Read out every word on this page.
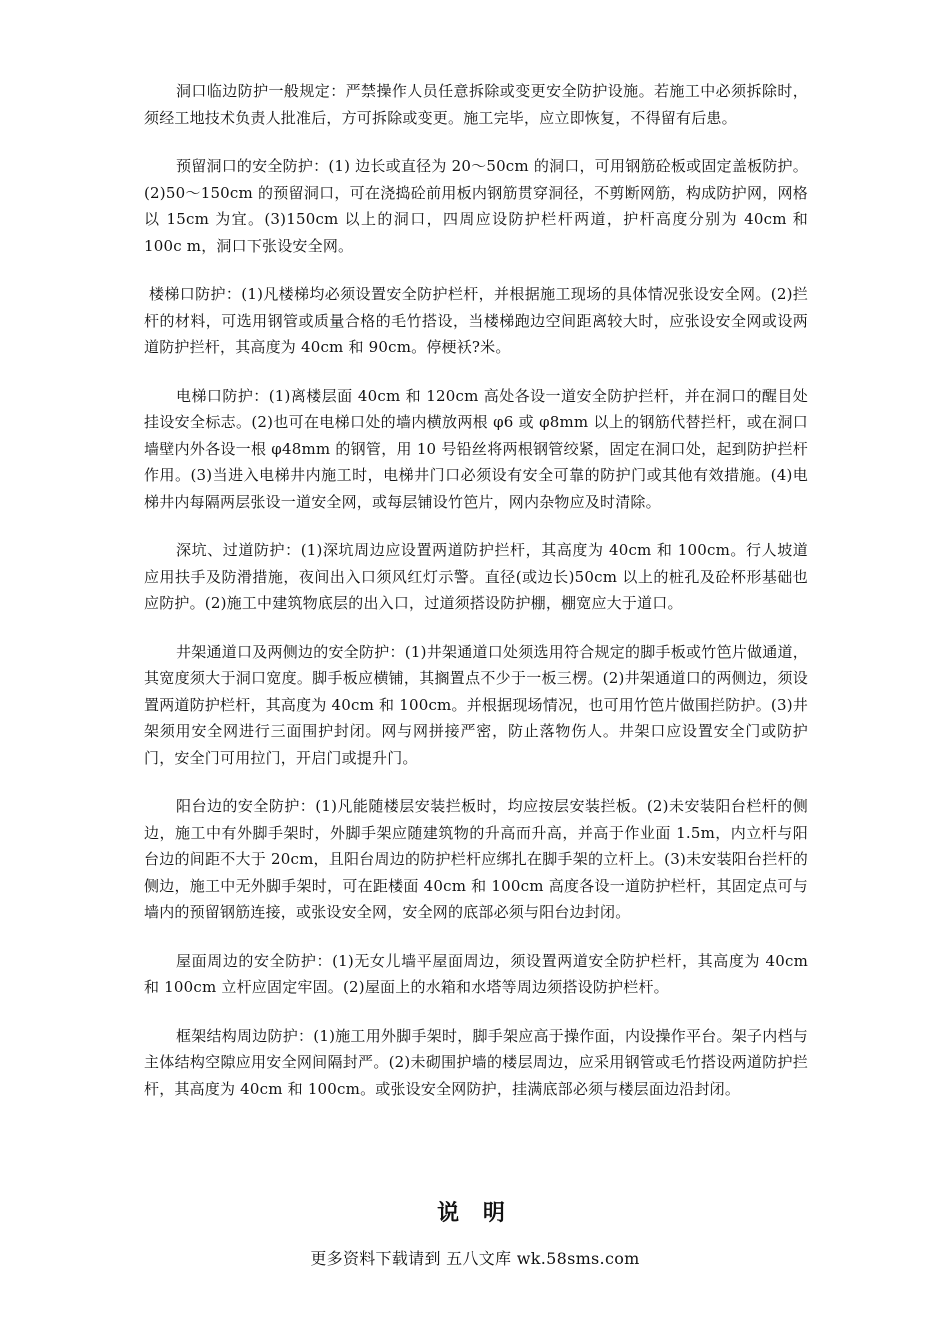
洞口临边防护一般规定：严禁操作人员任意拆除或变更安全防护设施。若施工中必须拆除时，须经工地技术负责人批准后，方可拆除或变更。施工完毕，应立即恢复，不得留有后患。

预留洞口的安全防护：(1) 边长或直径为 20～50cm 的洞口，可用钢筋砼板或固定盖板防护。(2)50～150cm 的预留洞口，可在浇捣砼前用板内钢筋贯穿洞径，不剪断网筋，构成防护网，网格以 15cm 为宜。(3)150cm 以上的洞口，四周应设防护栏杆两道，护杆高度分别为 40cm 和 100c m，洞口下张设安全网。

楼梯口防护：(1)凡楼梯均必须设置安全防护栏杆，并根据施工现场的具体情况张设安全网。(2)拦杆的材料，可选用钢管或质量合格的毛竹搭设，当楼梯跑边空间距离较大时，应张设安全网或设两道防护拦杆，其高度为 40cm 和 90cm。停梗袄?米。

电梯口防护：(1)离楼层面 40cm 和 120cm 高处各设一道安全防护拦杆，并在洞口的醒目处挂设安全标志。(2)也可在电梯口处的墙内横放两根 φ6 或 φ8mm 以上的钢筋代替拦杆，或在洞口墙壁内外各设一根 φ48mm 的钢管，用 10 号铅丝将两根钢管绞紧，固定在洞口处，起到防护拦杆作用。(3)当进入电梯井内施工时，电梯井门口必须设有安全可靠的防护门或其他有效措施。(4)电梯井内每隔两层张设一道安全网，或每层铺设竹笆片，网内杂物应及时清除。

深坑、过道防护：(1)深坑周边应设置两道防护拦杆，其高度为 40cm 和 100cm。行人坡道应用扶手及防滑措施，夜间出入口须风红灯示警。直径(或边长)50cm 以上的桩孔及砼杯形基础也应防护。(2)施工中建筑物底层的出入口，过道须搭设防护棚，棚宽应大于道口。

井架通道口及两侧边的安全防护：(1)井架通道口处须选用符合规定的脚手板或竹笆片做通道，其宽度须大于洞口宽度。脚手板应横铺，其搁置点不少于一板三楞。(2)井架通道口的两侧边，须设置两道防护栏杆，其高度为 40cm 和 100cm。并根据现场情况，也可用竹笆片做围拦防护。(3)井架须用安全网进行三面围护封闭。网与网拼接严密，防止落物伤人。井架口应设置安全门或防护门，安全门可用拉门，开启门或提升门。

阳台边的安全防护：(1)凡能随楼层安装拦板时，均应按层安装拦板。(2)未安装阳台栏杆的侧边，施工中有外脚手架时，外脚手架应随建筑物的升高而升高，并高于作业面 1.5m，内立杆与阳台边的间距不大于 20cm，且阳台周边的防护栏杆应绑扎在脚手架的立杆上。(3)未安装阳台拦杆的侧边，施工中无外脚手架时，可在距楼面 40cm 和 100cm 高度各设一道防护栏杆，其固定点可与墙内的预留钢筋连接，或张设安全网，安全网的底部必须与阳台边封闭。

屋面周边的安全防护：(1)无女儿墙平屋面周边，须设置两道安全防护栏杆，其高度为 40cm 和 100cm 立杆应固定牢固。(2)屋面上的水箱和水塔等周边须搭设防护栏杆。

框架结构周边防护：(1)施工用外脚手架时，脚手架应高于操作面，内设操作平台。架子内档与主体结构空隙应用安全网间隔封严。(2)未砌围护墙的楼层周边，应采用钢管或毛竹搭设两道防护拦杆，其高度为 40cm 和 100cm。或张设安全网防护，挂满底部必须与楼层面边沿封闭。

说 明
更多资料下载请到 五八文库 wk.58sms.com
